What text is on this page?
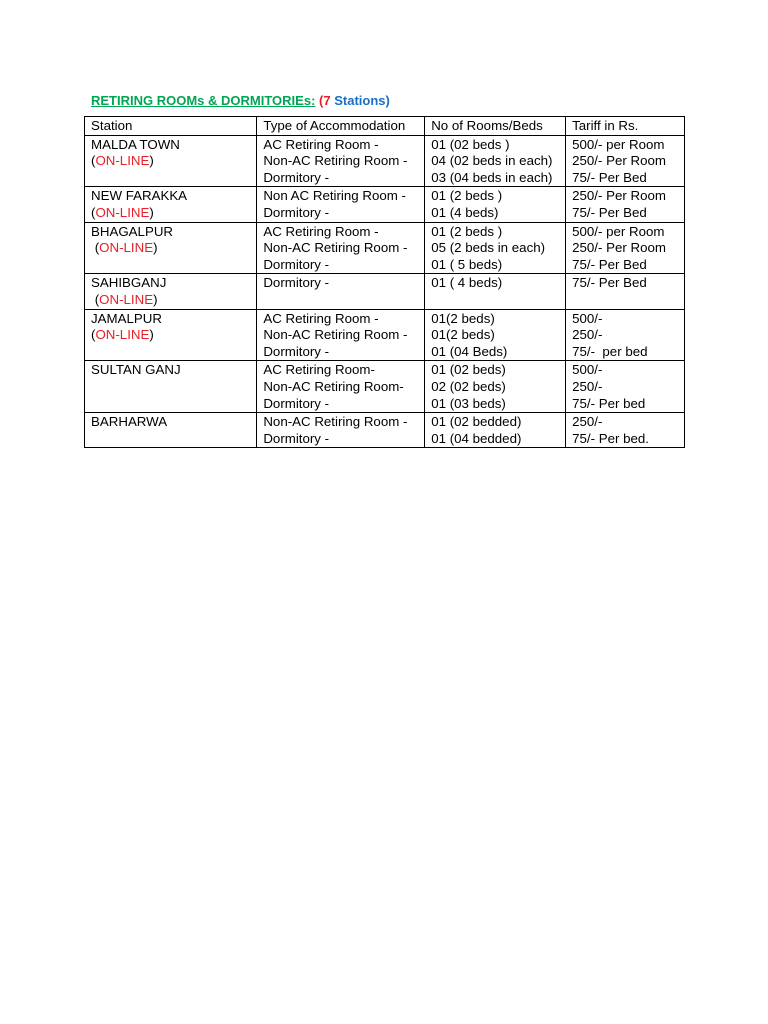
RETIRING ROOMs & DORMITORIEs: (7 Stations)
Station	Type of Accommodation	No of Rooms/Beds	Tariff in Rs.

MALDA TOWN
(ON-LINE)	AC Retiring Room -
Non-AC Retiring Room -
Dormitory -	01 (02 beds )
04 (02 beds in each)
03 (04 beds in each)	500/- per Room
250/- Per Room
75/- Per Bed

NEW FARAKKA
(ON-LINE)	Non AC Retiring Room -
Dormitory -	01 (2 beds )
01 (4 beds)	250/- Per Room
75/- Per Bed

BHAGALPUR
(ON-LINE)	AC Retiring Room -
Non-AC Retiring Room -
Dormitory -	01 (2 beds )
05 (2 beds in each)
01 ( 5 beds)	500/- per Room
250/- Per Room
75/- Per Bed

SAHIBGANJ
(ON-LINE)	Dormitory -	01 ( 4 beds)	75/- Per Bed

JAMALPUR
(ON-LINE)	AC Retiring Room -
Non-AC Retiring Room -
Dormitory -	01(2 beds)
01(2 beds)
01 (04 Beds)	500/-
250/-
75/-  per bed

SULTAN GANJ	AC Retiring Room-
Non-AC Retiring Room-
Dormitory -	01 (02 beds)
02 (02 beds)
01 (03 beds)	500/-
250/-
75/- Per bed

BARHARWA	Non-AC Retiring Room -
Dormitory -	01 (02 bedded)
01 (04 bedded)	250/-
75/- Per bed.
